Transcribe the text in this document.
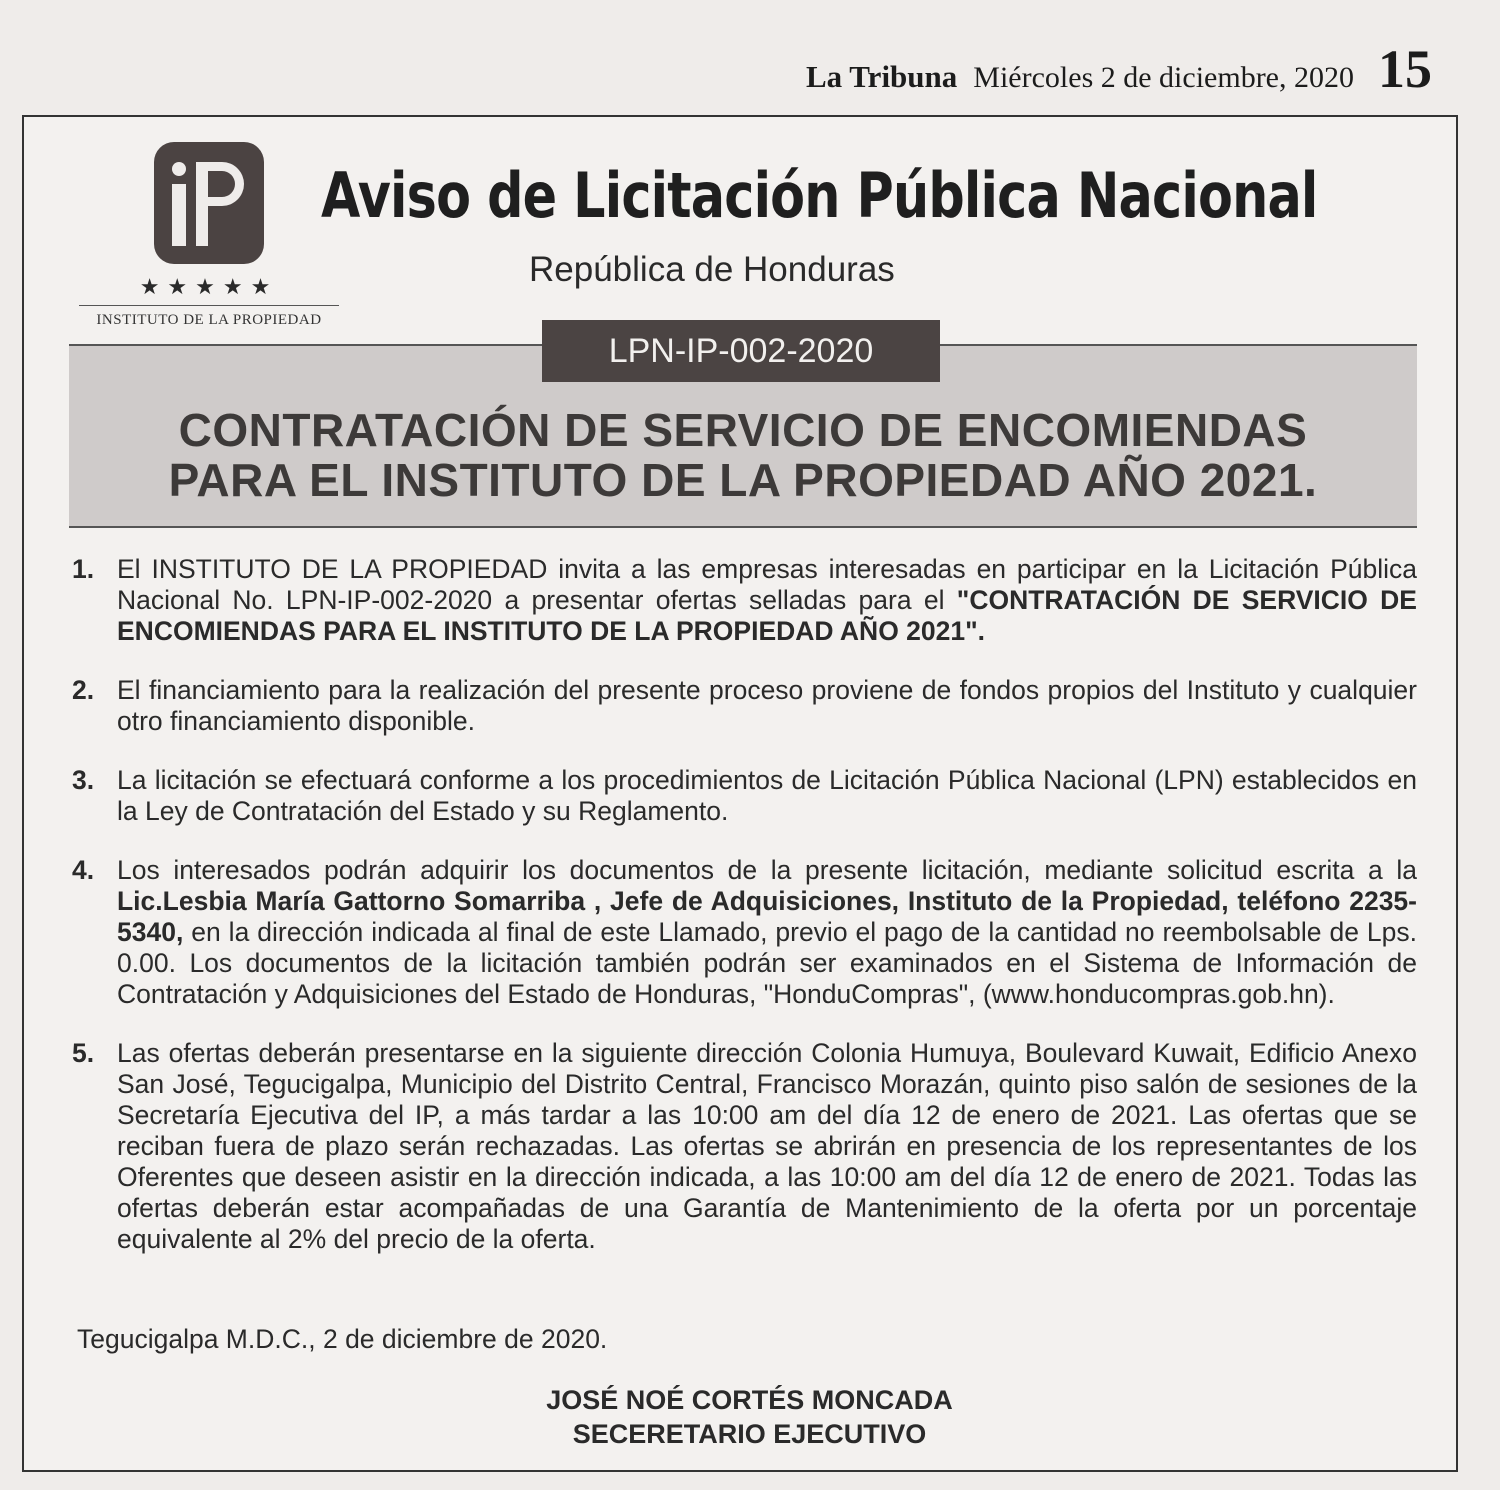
La Tribuna Miércoles 2 de diciembre, 2020 15
★★★★★
INSTITUTO DE LA PROPIEDAD
Aviso de Licitación Pública Nacional
República de Honduras
LPN-IP-002-2020
CONTRATACIÓN DE SERVICIO DE ENCOMIENDAS
PARA EL INSTITUTO DE LA PROPIEDAD AÑO 2021.
1. El INSTITUTO DE LA PROPIEDAD invita a las empresas interesadas en participar en la Licitación Pública Nacional No. LPN-IP-002-2020 a presentar ofertas selladas para el "CONTRATACIÓN DE SERVICIO DE ENCOMIENDAS PARA EL INSTITUTO DE LA PROPIEDAD AÑO 2021".
2. El financiamiento para la realización del presente proceso proviene de fondos propios del Instituto y cualquier otro financiamiento disponible.
3. La licitación se efectuará conforme a los procedimientos de Licitación Pública Nacional (LPN) establecidos en la Ley de Contratación del Estado y su Reglamento.
4. Los interesados podrán adquirir los documentos de la presente licitación, mediante solicitud escrita a la Lic.Lesbia María Gattorno Somarriba , Jefe de Adquisiciones, Instituto de la Propiedad, teléfono 2235-5340, en la dirección indicada al final de este Llamado, previo el pago de la cantidad no reembolsable de Lps. 0.00. Los documentos de la licitación también podrán ser examinados en el Sistema de Información de Contratación y Adquisiciones del Estado de Honduras, "HonduCompras", (www.honducompras.gob.hn).
5. Las ofertas deberán presentarse en la siguiente dirección Colonia Humuya, Boulevard Kuwait, Edificio Anexo San José, Tegucigalpa, Municipio del Distrito Central, Francisco Morazán, quinto piso salón de sesiones de la Secretaría Ejecutiva del IP, a más tardar a las 10:00 am del día 12 de enero de 2021. Las ofertas que se reciban fuera de plazo serán rechazadas. Las ofertas se abrirán en presencia de los representantes de los Oferentes que deseen asistir en la dirección indicada, a las 10:00 am del día 12 de enero de 2021. Todas las ofertas deberán estar acompañadas de una Garantía de Mantenimiento de la oferta por un porcentaje equivalente al 2% del precio de la oferta.
Tegucigalpa M.D.C., 2 de diciembre de 2020.
JOSÉ NOÉ CORTÉS MONCADA
SECERETARIO EJECUTIVO
